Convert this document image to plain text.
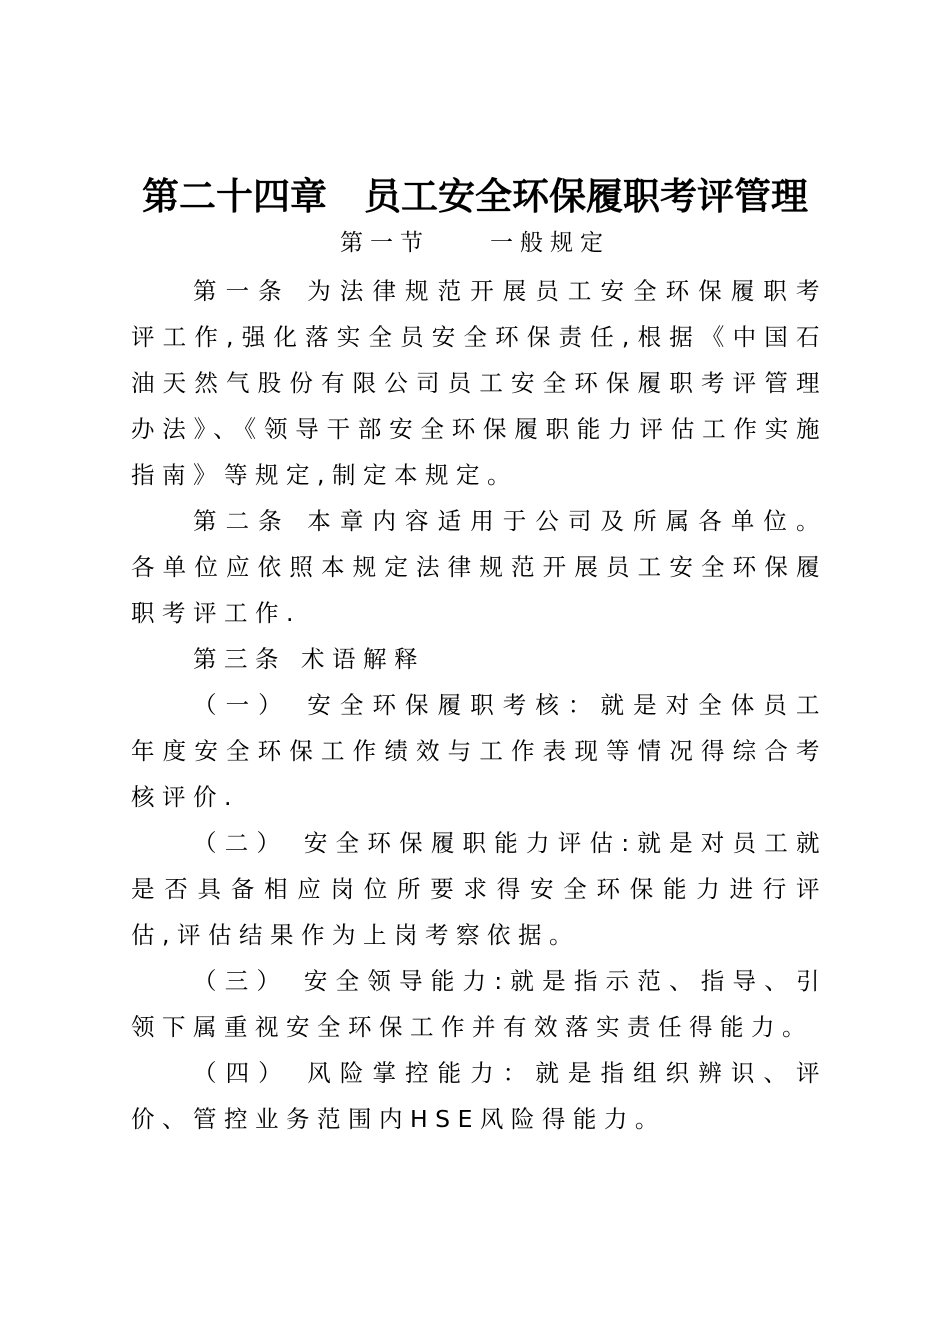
第二十四章　员工安全环保履职考评管理
第一节　　一般规定

第一条 为法律规范开展员工安全环保履职考评工作,强化落实全员安全环保责任,根据《中国石油天然气股份有限公司员工安全环保履职考评管理办法》、《领导干部安全环保履职能力评估工作实施指南》等规定,制定本规定。

第二条 本章内容适用于公司及所属各单位。各单位应依照本规定法律规范开展员工安全环保履职考评工作.

第三条 术语解释

（一） 安全环保履职考核：就是对全体员工年度安全环保工作绩效与工作表现等情况得综合考核评价.

（二） 安全环保履职能力评估:就是对员工就是否具备相应岗位所要求得安全环保能力进行评估,评估结果作为上岗考察依据。

（三） 安全领导能力:就是指示范、指导、引领下属重视安全环保工作并有效落实责任得能力。

（四） 风险掌控能力：就是指组织辨识、评价、管控业务范围内HSE风险得能力。
